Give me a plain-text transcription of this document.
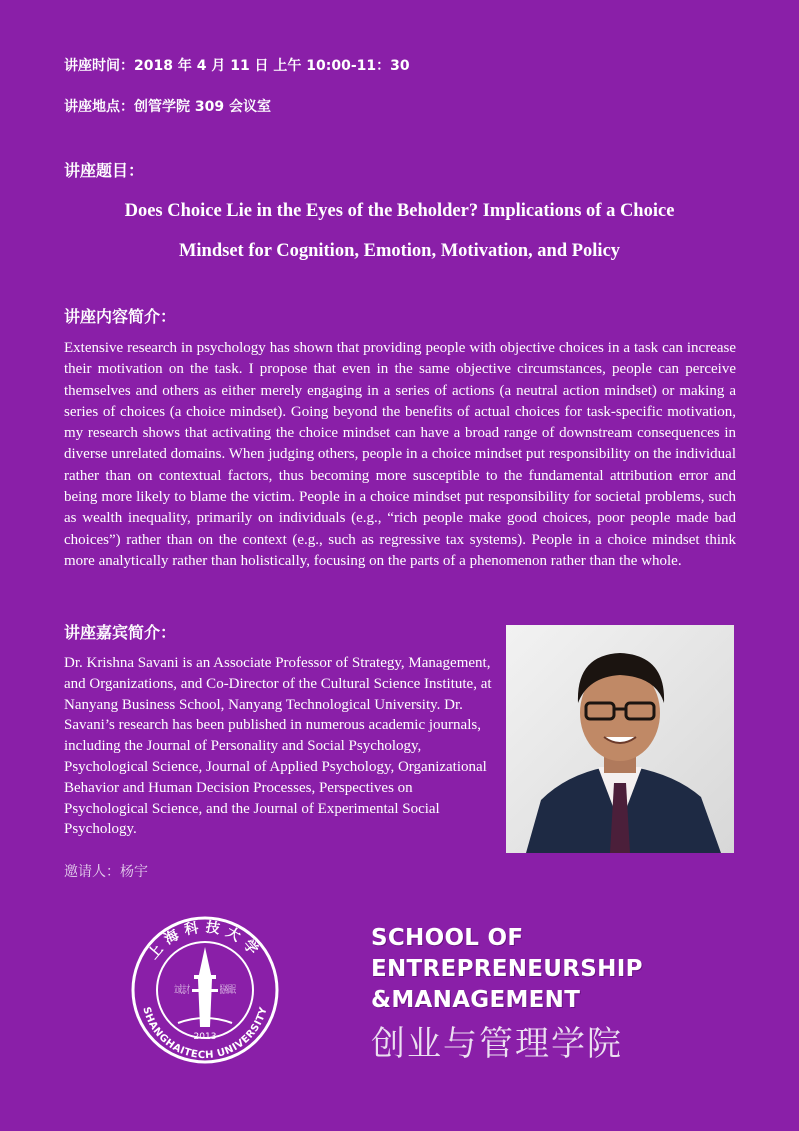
讲座时间：2018 年 4 月 11 日 上午 10:00-11：30
讲座地点：创管学院 309 会议室
讲座题目：
Does Choice Lie in the Eyes of the Beholder? Implications of a Choice
Mindset for Cognition, Emotion, Motivation, and Policy
讲座内容简介：
Extensive research in psychology has shown that providing people with objective choices in a task can increase their motivation on the task. I propose that even in the same objective circumstances, people can perceive themselves and others as either merely engaging in a series of actions (a neutral action mindset) or making a series of choices (a choice mindset). Going beyond the benefits of actual choices for task-specific motivation, my research shows that activating the choice mindset can have a broad range of downstream consequences in diverse unrelated domains. When judging others, people in a choice mindset put responsibility on the individual rather than on contextual factors, thus becoming more susceptible to the fundamental attribution error and being more likely to blame the victim. People in a choice mindset put responsibility for societal problems, such as wealth inequality, primarily on individuals (e.g., “rich people make good choices, poor people made bad choices”) rather than on the context (e.g., such as regressive tax systems). People in a choice mindset think more analytically rather than holistically, focusing on the parts of a phenomenon rather than the whole.
讲座嘉宾简介：
Dr. Krishna Savani is an Associate Professor of Strategy, Management, and Organizations, and Co-Director of the Cultural Science Institute, at Nanyang Business School, Nanyang Technological University. Dr. Savani’s research has been published in numerous academic journals, including the Journal of Personality and Social Psychology, Psychological Science, Journal of Applied Psychology, Organizational Behavior and Human Decision Processes, Perspectives on Psychological Science, and the Journal of Experimental Social Psychology.
邀请人：杨宇
2013
报裕国民
上海科技大学
SHANGHAITECH UNIVERSITY
SCHOOL OF
ENTREPRENEURSHIP
&MANAGEMENT
创业与管理学院
